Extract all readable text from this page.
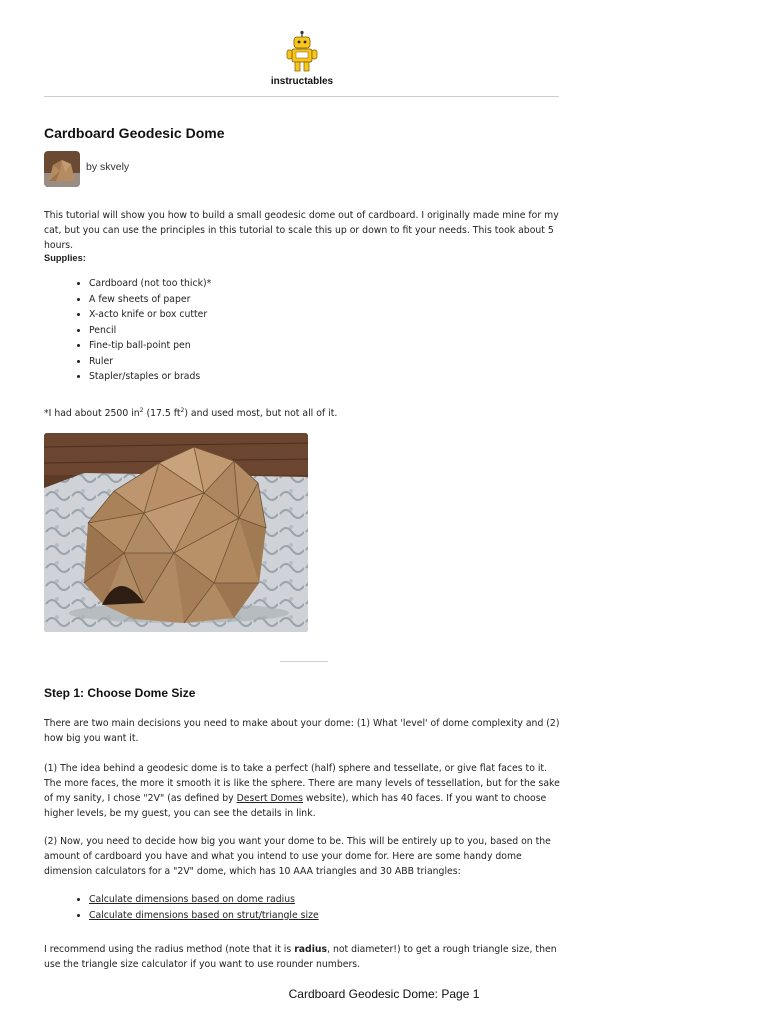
instructables
Cardboard Geodesic Dome
by skvely

This tutorial will show you how to build a small geodesic dome out of cardboard. I originally made mine for my cat, but you can use the principles in this tutorial to scale this up or down to fit your needs. This took about 5 hours.

Supplies:

• Cardboard (not too thick)*
• A few sheets of paper
• X-acto knife or box cutter
• Pencil
• Fine-tip ball-point pen
• Ruler
• Stapler/staples or brads

*I had about 2500 $in^2$ (17.5 $ft^2$) and used most, but not all of it.

Step 1: Choose Dome Size

There are two main decisions you need to make about your dome: (1) What 'level' of dome complexity and (2) how big you want it.

(1) The idea behind a geodesic dome is to take a perfect (half) sphere and tessellate, or give flat faces to it. The more faces, the more it smooth it is like the sphere. There are many levels of tessellation, but for the sake of my sanity, I chose "2V" (as defined by Desert Domes website), which has 40 faces. If you want to choose higher levels, be my guest, you can see the details in link.

(2) Now, you need to decide how big you want your dome to be. This will be entirely up to you, based on the amount of cardboard you have and what you intend to use your dome for. Here are some handy dome dimension calculators for a "2V" dome, which has 10 AAA triangles and 30 ABB triangles:

• Calculate dimensions based on dome radius
• Calculate dimensions based on strut/triangle size

I recommend using the radius method (note that it is radius, not diameter!) to get a rough triangle size, then use the triangle size calculator if you want to use rounder numbers.

Cardboard Geodesic Dome: Page 1
